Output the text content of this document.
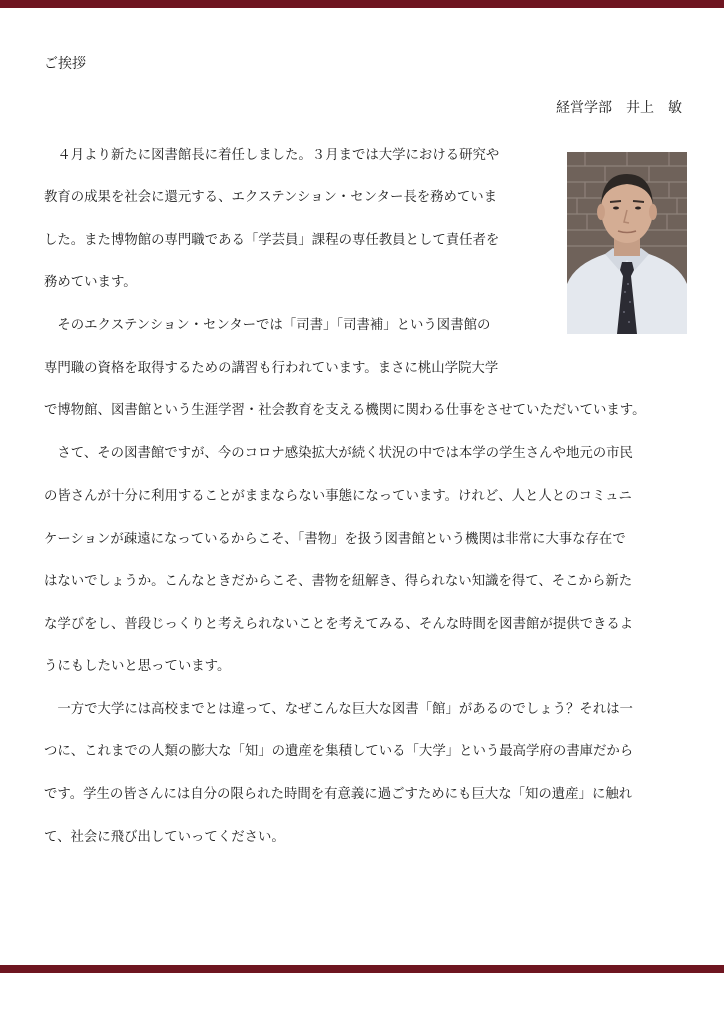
ご挨拶
経営学部　井上　敏
　４月より新たに図書館長に着任しました。３月までは大学における研究や
教育の成果を社会に還元する、エクステンション・センター長を務めていま
した。また博物館の専門職である「学芸員」課程の専任教員として責任者を
務めています。
　そのエクステンション・センターでは「司書」「司書補」という図書館の
専門職の資格を取得するための講習も行われています。まさに桃山学院大学
で博物館、図書館という生涯学習・社会教育を支える機関に関わる仕事をさせていただいています。
　さて、その図書館ですが、今のコロナ感染拡大が続く状況の中では本学の学生さんや地元の市民
の皆さんが十分に利用することがままならない事態になっています。けれど、人と人とのコミュニ
ケーションが疎遠になっているからこそ、「書物」を扱う図書館という機関は非常に大事な存在で
はないでしょうか。こんなときだからこそ、書物を紐解き、得られない知識を得て、そこから新た
な学びをし、普段じっくりと考えられないことを考えてみる、そんな時間を図書館が提供できるよ
うにもしたいと思っています。
　一方で大学には高校までとは違って、なぜこんな巨大な図書「館」があるのでしょう？それは一
つに、これまでの人類の膨大な「知」の遺産を集積している「大学」という最高学府の書庫だから
です。学生の皆さんには自分の限られた時間を有意義に過ごすためにも巨大な「知の遺産」に触れ
て、社会に飛び出していってください。
